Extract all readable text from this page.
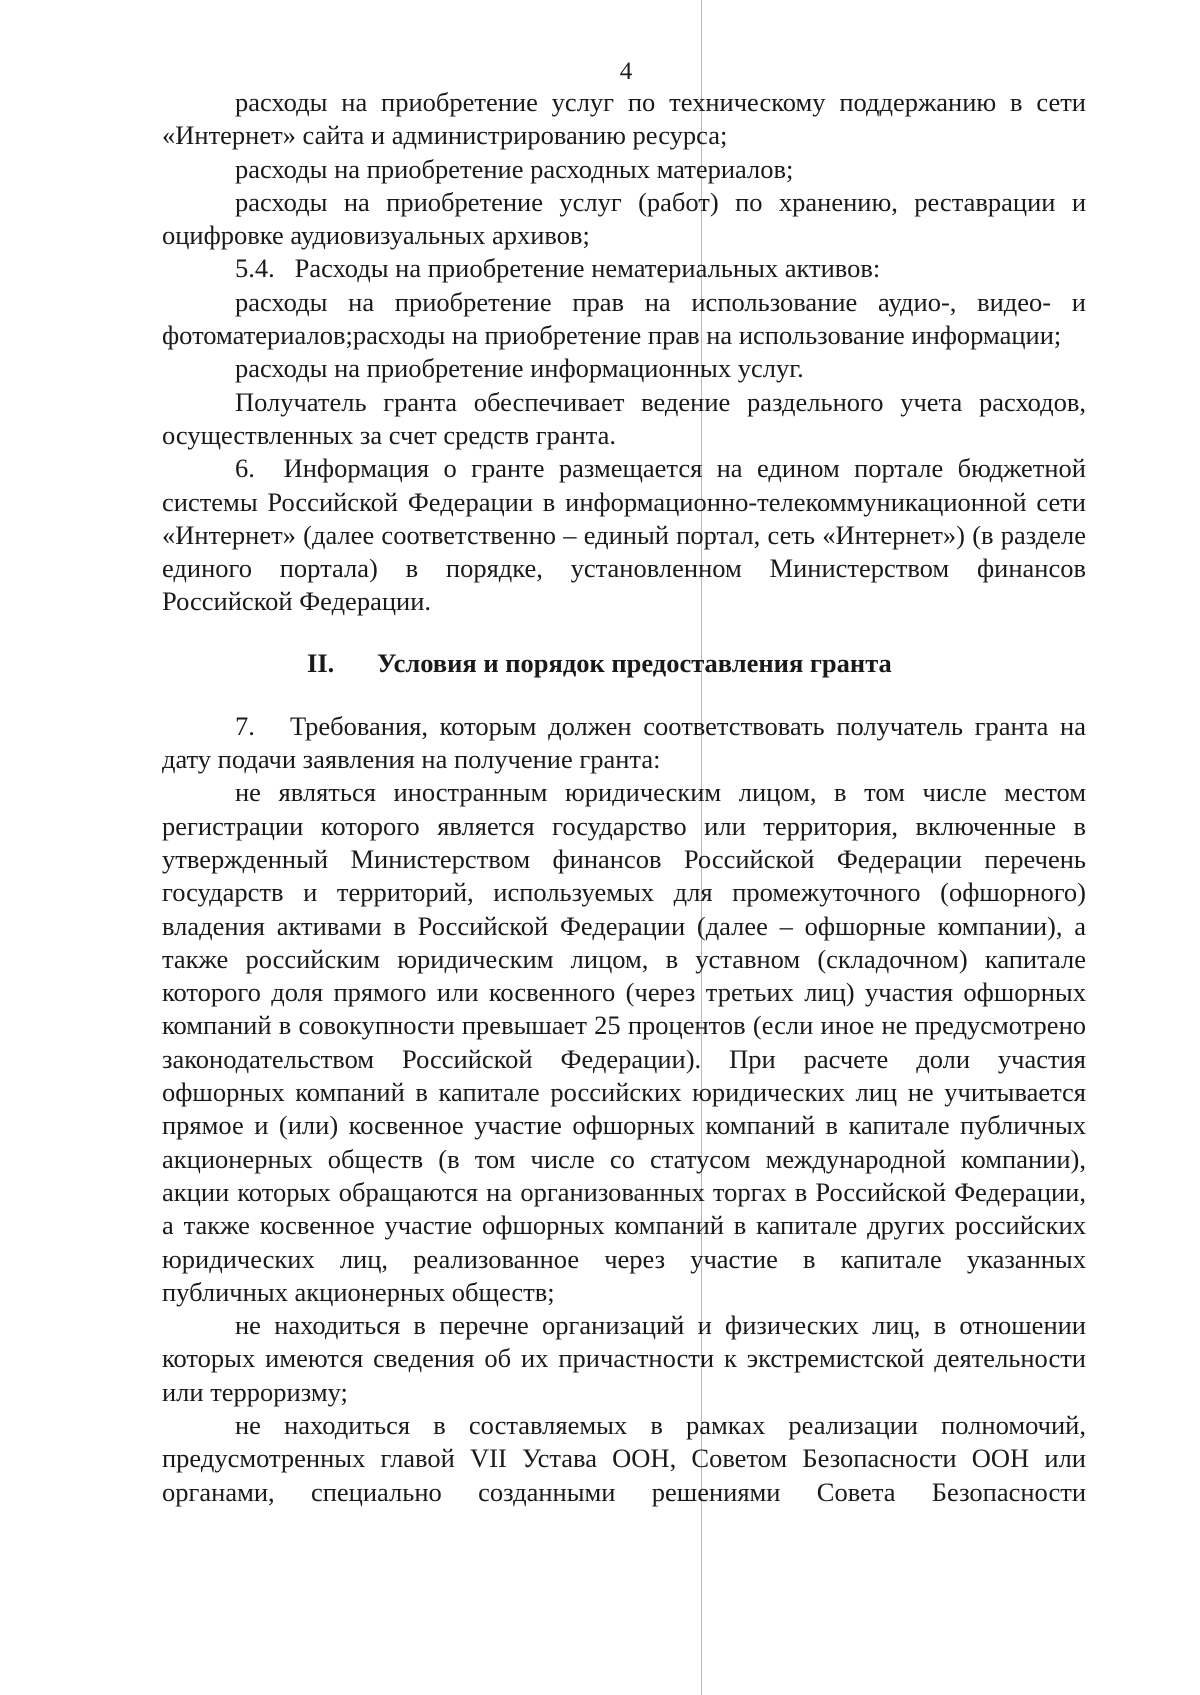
4

расходы на приобретение услуг по техническому поддержанию в сети «Интернет» сайта и администрированию ресурса;

расходы на приобретение расходных материалов;

расходы на приобретение услуг (работ) по хранению, реставрации и оцифровке аудиовизуальных архивов;

5.4.   Расходы на приобретение нематериальных активов:

расходы на приобретение прав на использование аудио-, видео- и фотоматериалов;расходы на приобретение прав на использование информации;

расходы на приобретение информационных услуг.

Получатель гранта обеспечивает ведение раздельного учета расходов, осуществленных за счет средств гранта.

6.  Информация о гранте размещается на едином портале бюджетной системы Российской Федерации в информационно-телекоммуникационной сети «Интернет» (далее соответственно – единый портал, сеть «Интернет») (в разделе единого портала) в порядке, установленном Министерством финансов Российской Федерации.

II. Условия и порядок предоставления гранта

7.   Требования, которым должен соответствовать получатель гранта на дату подачи заявления на получение гранта:

не являться иностранным юридическим лицом, в том числе местом регистрации которого является государство или территория, включенные в утвержденный Министерством финансов Российской Федерации перечень государств и территорий, используемых для промежуточного (офшорного) владения активами в Российской Федерации (далее – офшорные компании), а также российским юридическим лицом, в уставном (складочном) капитале которого доля прямого или косвенного (через третьих лиц) участия офшорных компаний в совокупности превышает 25 процентов (если иное не предусмотрено законодательством Российской Федерации). При расчете доли участия офшорных компаний в капитале российских юридических лиц не учитывается прямое и (или) косвенное участие офшорных компаний в капитале публичных акционерных обществ (в том числе со статусом международной компании), акции которых обращаются на организованных торгах в Российской Федерации, а также косвенное участие офшорных компаний в капитале других российских юридических лиц, реализованное через участие в капитале указанных публичных акционерных обществ;

не находиться в перечне организаций и физических лиц, в отношении которых имеются сведения об их причастности к экстремистской деятельности или терроризму;

не находиться в составляемых в рамках реализации полномочий, предусмотренных главой VII Устава ООН, Советом Безопасности ООН или органами, специально созданными решениями Совета Безопасности
